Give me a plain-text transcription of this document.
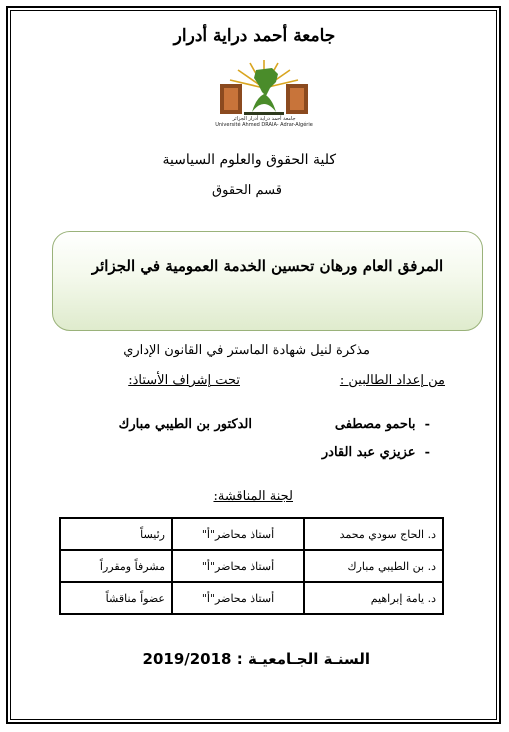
جامعة أحمد دراية أدرار
جامعة أحمد دراية أدرار الجزائر
Université Ahmed DRAIA- Adrar-Algérie
كلية الحقوق والعلوم السياسية
قسم الحقوق
المرفق العام ورهان تحسين الخدمة العمومية في الجزائر
مذكرة لنيل شهادة الماستر في القانون الإداري
من إعداد الطالبين :
تحت إشراف الأستاذ:
-  باحمو مصطفى
-  عزيزي عبد القادر
الدكتور بن الطيبي مبارك
لجنة المناقشة:
د. الحاج سودي محمد	أستاذ محاضر"أ"	رئيساً
د. بن الطيبي مبارك	أستاذ محاضر"أ"	مشرفاً ومقرراً
د. يامة إبراهيم	أستاذ محاضر"أ"	عضواً مناقشاً
السنـة الجـامعيـة : 2019/2018
